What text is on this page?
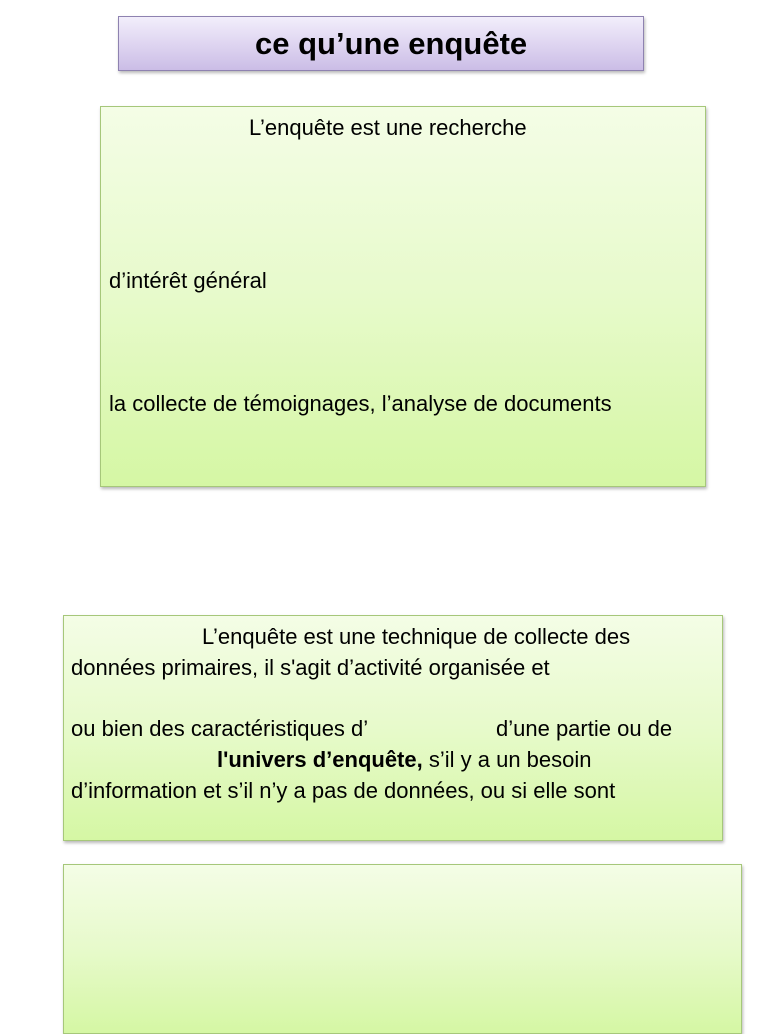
ce qu’une enquête
L’enquête est une recherche
d’intérêt général
la collecte de témoignages, l’analyse de documents
L’enquête est une technique de collecte des
données primaires, il s'agit d’activité organisée et
ou bien des caractéristiques d’	d’une partie ou de
l'univers d’enquête, s’il y a un besoin
d’information et s’il n’y a pas de données, ou si elle sont
